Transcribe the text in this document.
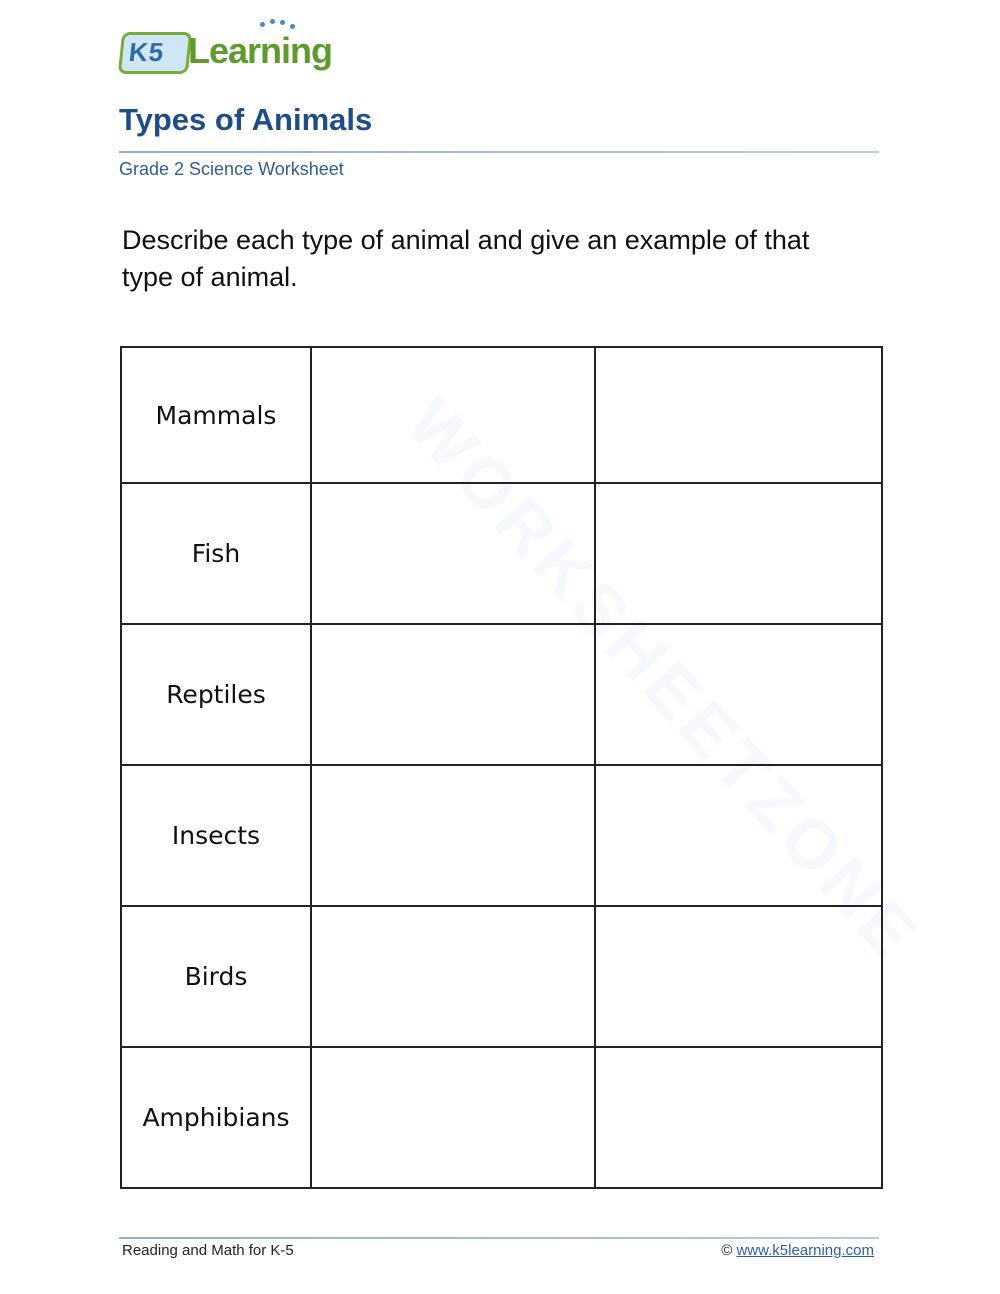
K5 Learning
Types of Animals
Grade 2 Science Worksheet
Describe each type of animal and give an example of that type of animal.
WORKSHEETZONE
Mammals		
Fish		
Reptiles		
Insects		
Birds		
Amphibians		
Reading and Math for K-5	© www.k5learning.com
